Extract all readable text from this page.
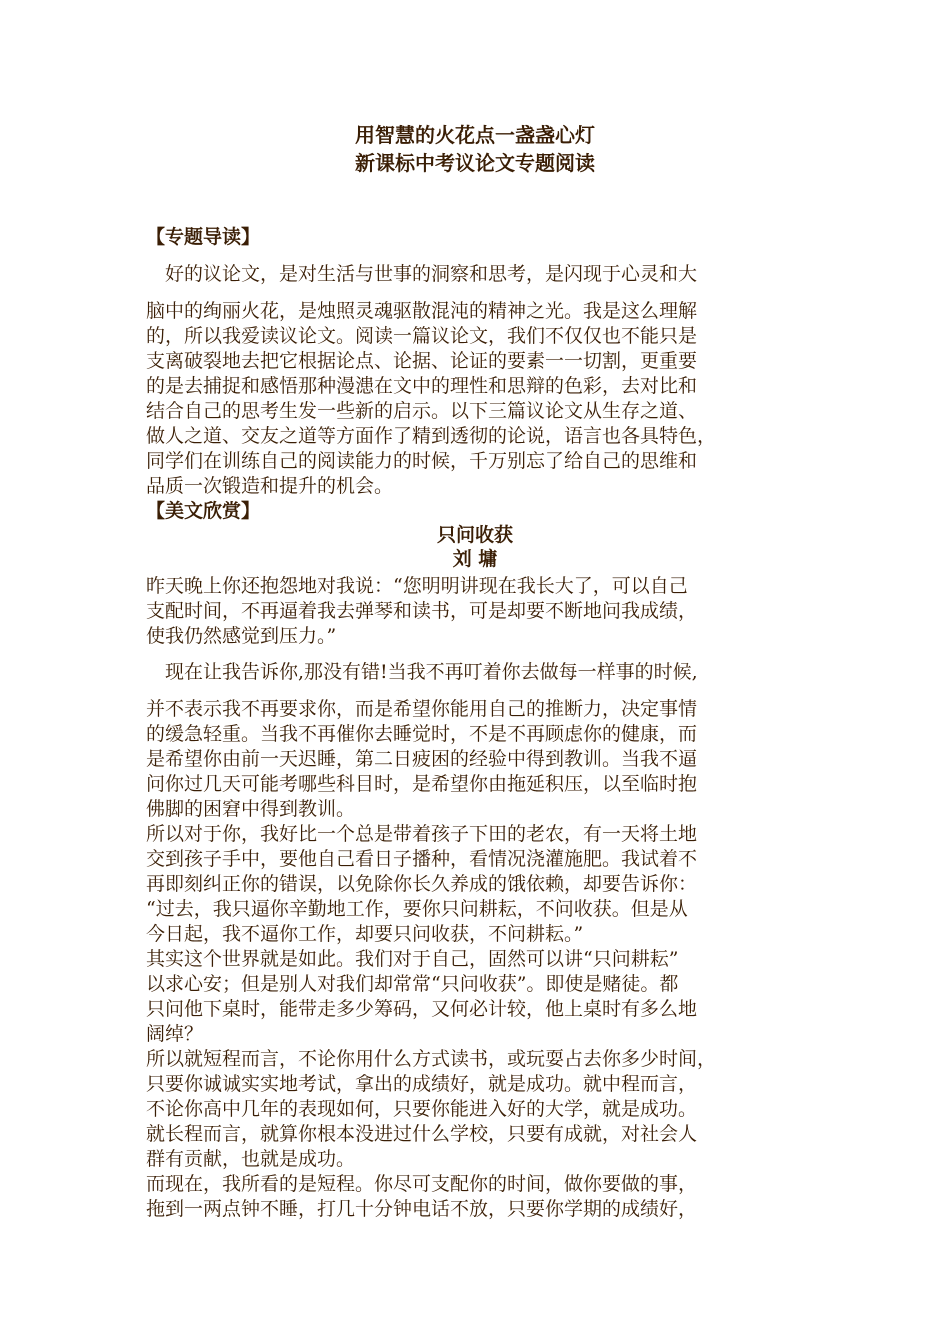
用智慧的火花点一盏盏心灯
新课标中考议论文专题阅读
【专题导读】
　好的议论文，是对生活与世事的洞察和思考，是闪现于心灵和大
脑中的绚丽火花，是烛照灵魂驱散混沌的精神之光。我是这么理解
的，所以我爱读议论文。阅读一篇议论文，我们不仅仅也不能只是
支离破裂地去把它根据论点、论据、论证的要素一一切割，更重要
的是去捕捉和感悟那种漫漶在文中的理性和思辩的色彩，去对比和
结合自己的思考生发一些新的启示。以下三篇议论文从生存之道、
做人之道、交友之道等方面作了精到透彻的论说，语言也各具特色，
同学们在训练自己的阅读能力的时候，千万别忘了给自己的思维和
品质一次锻造和提升的机会。
【美文欣赏】
只问收获
刘 墉
昨天晚上你还抱怨地对我说：“您明明讲现在我长大了，可以自己
支配时间，不再逼着我去弹琴和读书，可是却要不断地问我成绩，
使我仍然感觉到压力。”
　现在让我告诉你,那没有错!当我不再叮着你去做每一样事的时候,
并不表示我不再要求你，而是希望你能用自己的推断力，决定事情
的缓急轻重。当我不再催你去睡觉时，不是不再顾虑你的健康，而
是希望你由前一天迟睡，第二日疲困的经验中得到教训。当我不逼
问你过几天可能考哪些科目时，是希望你由拖延积压，以至临时抱
佛脚的困窘中得到教训。
所以对于你，我好比一个总是带着孩子下田的老农，有一天将土地
交到孩子手中，要他自己看日子播种，看情况浇灌施肥。我试着不
再即刻纠正你的错误，以免除你长久养成的饿依赖，却要告诉你：
“过去，我只逼你辛勤地工作，要你只问耕耘，不问收获。但是从
今日起，我不逼你工作，却要只问收获，不问耕耘。”
其实这个世界就是如此。我们对于自己，固然可以讲“只问耕耘”
以求心安；但是别人对我们却常常“只问收获”。即使是赌徒。都
只问他下桌时，能带走多少筹码，又何必计较，他上桌时有多么地
阔绰？
所以就短程而言，不论你用什么方式读书，或玩耍占去你多少时间，
只要你诚诚实实地考试，拿出的成绩好，就是成功。就中程而言，
不论你高中几年的表现如何，只要你能进入好的大学，就是成功。
就长程而言，就算你根本没进过什么学校，只要有成就，对社会人
群有贡献，也就是成功。
而现在，我所看的是短程。你尽可支配你的时间，做你要做的事，
拖到一两点钟不睡，打几十分钟电话不放，只要你学期的成绩好，
